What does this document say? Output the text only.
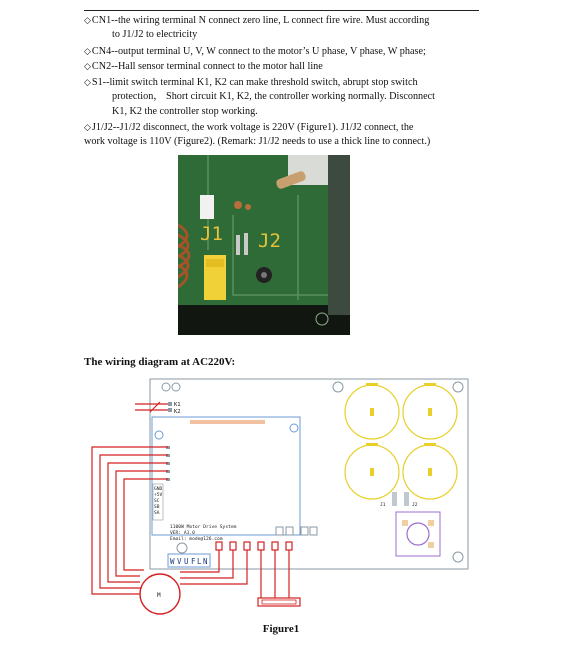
◇CN1--the wiring terminal N connect zero line, L connect fire wire. Must according
to J1/J2 to electricity
◇CN4--output terminal U, V, W connect to the motor’s U phase, V phase, W phase;
◇CN2--Hall sensor terminal connect to the motor hall line
◇S1--limit switch terminal K1, K2 can make threshold switch, abrupt stop switch
protection， Short circuit K1, K2, the controller working normally. Disconnect
K1, K2 the controller stop working.
◇J1/J2--J1/J2 disconnect, the work voltage is 220V (Figure1). J1/J2 connect, the
work voltage is 110V (Figure2). (Remark: J1/J2 needs to use a thick line to connect.)
J1 J2
The wiring diagram at AC220V:
K1
K2
GND
+5V
SC
SB
SA
1100W Motor Drive System
VER: A1.0
Email: mode@126.com
J1	J2
W V U F L N
M
Figure1
